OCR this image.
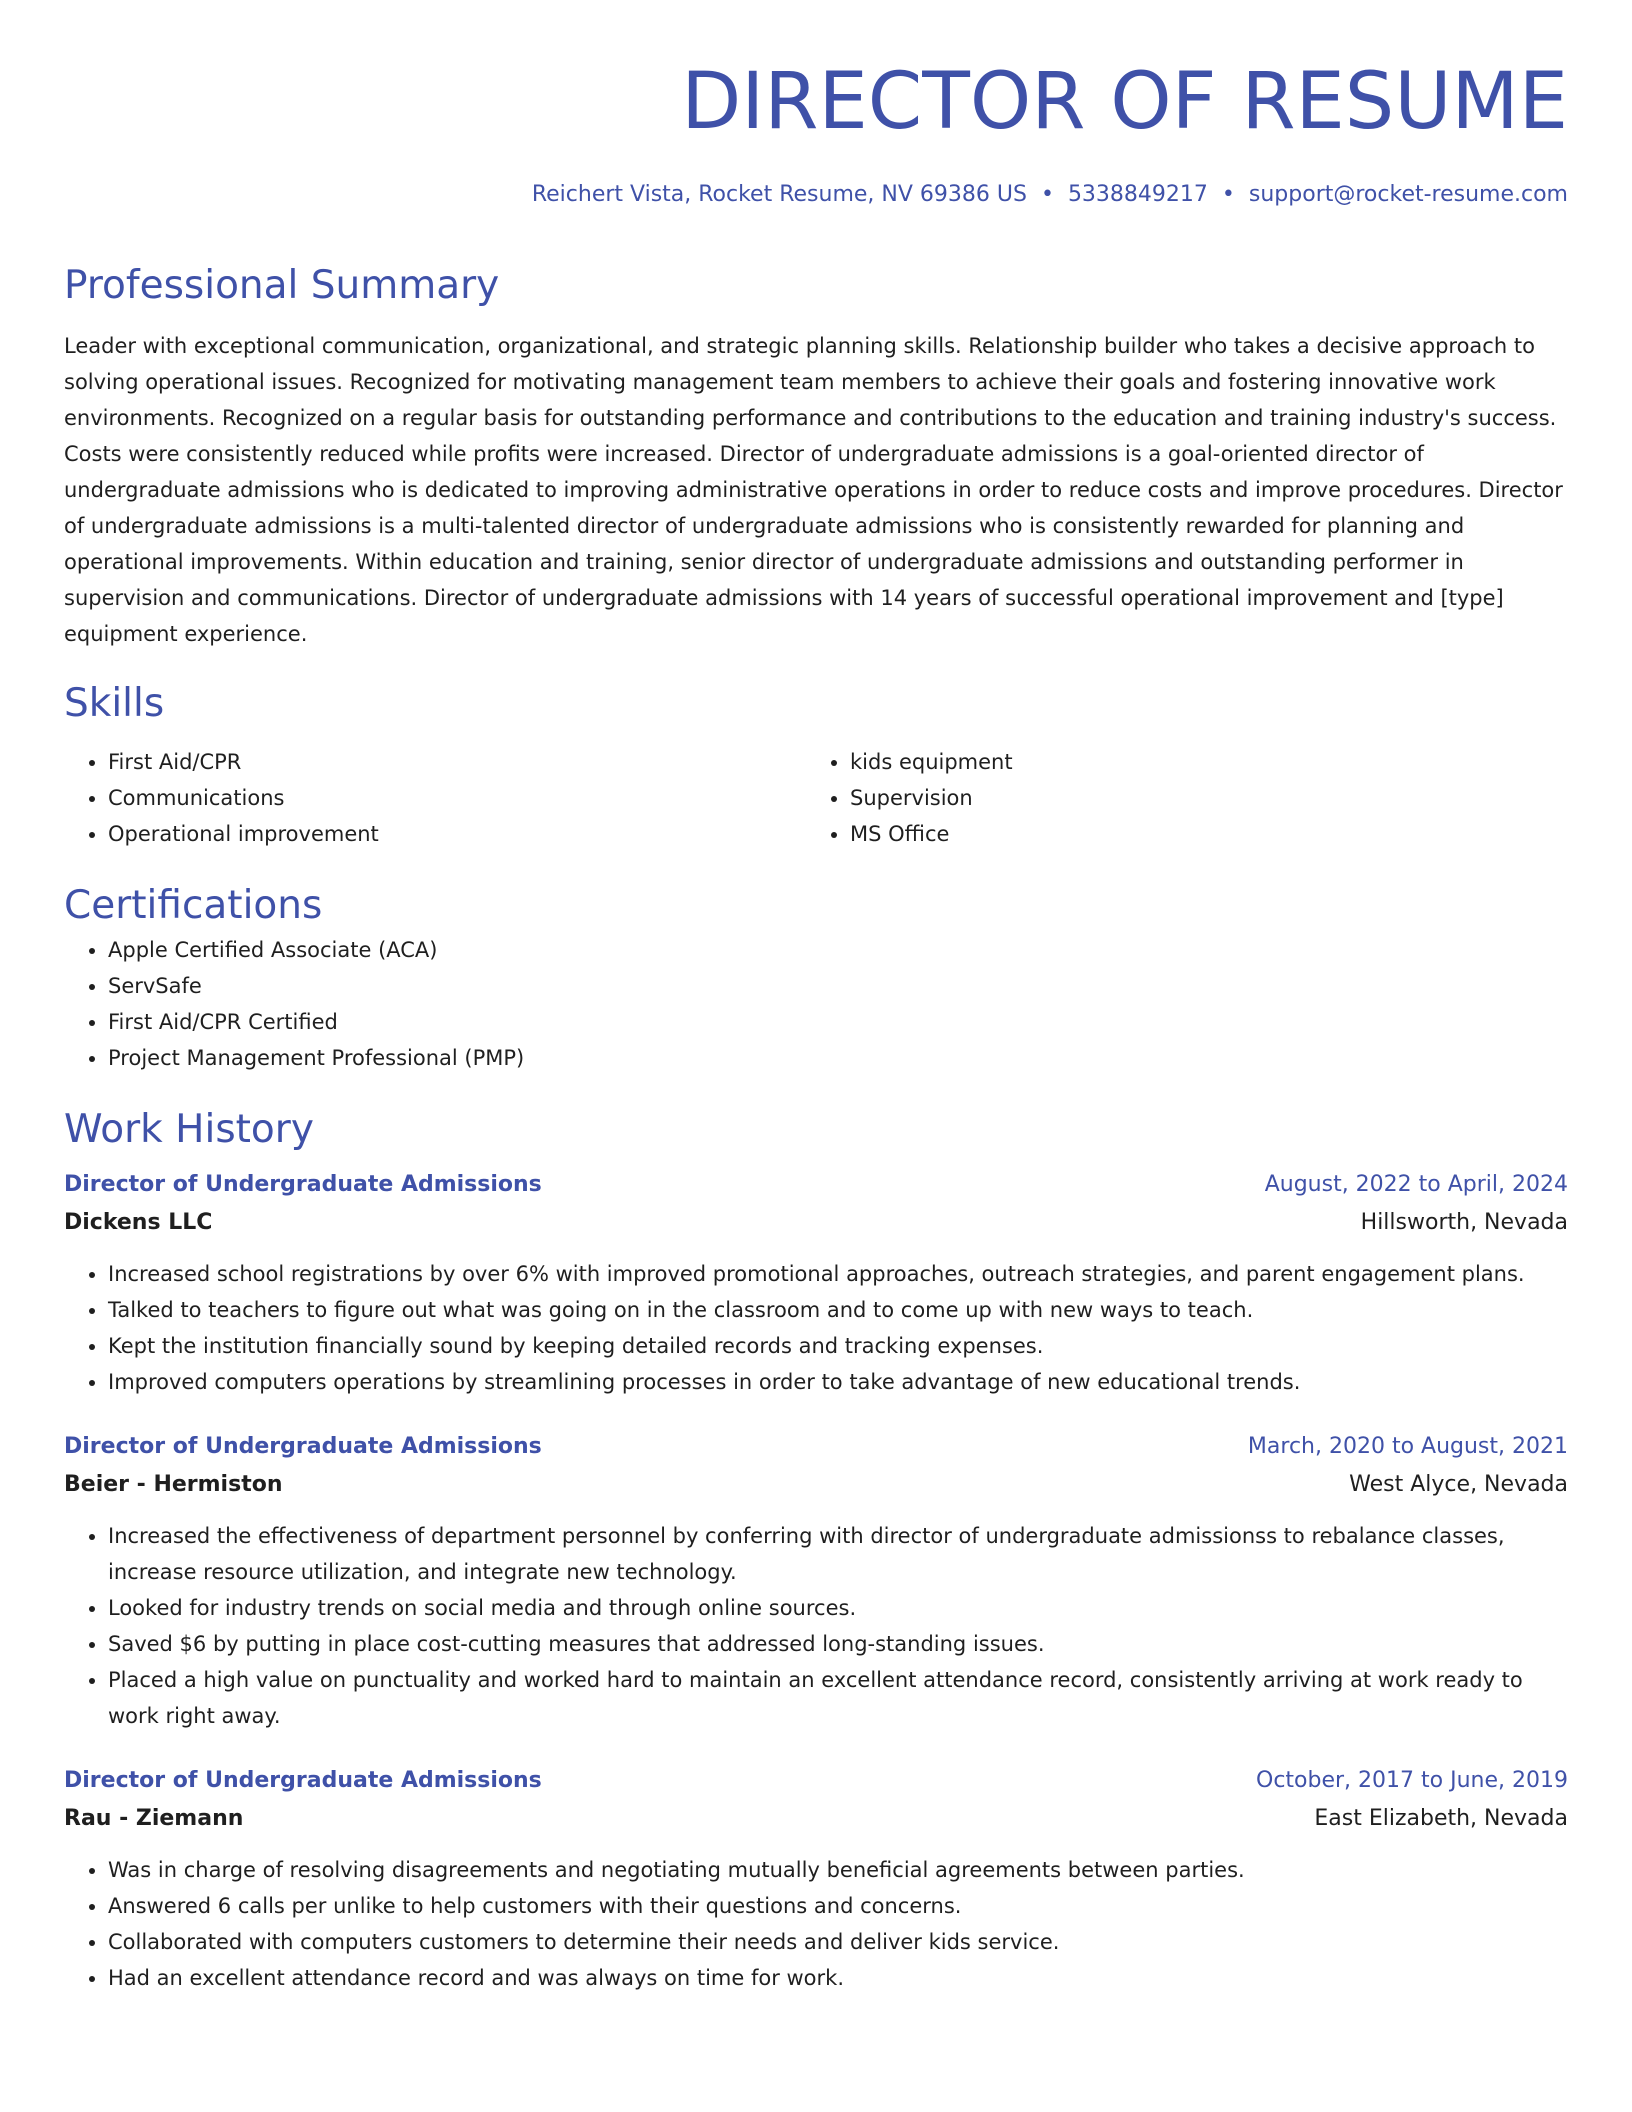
DIRECTOR OF RESUME
Reichert Vista, Rocket Resume, NV 69386 US • 5338849217 • support@rocket-resume.com
Professional Summary
Leader with exceptional communication, organizational, and strategic planning skills. Relationship builder who takes a decisive approach to solving operational issues. Recognized for motivating management team members to achieve their goals and fostering innovative work environments. Recognized on a regular basis for outstanding performance and contributions to the education and training industry's success. Costs were consistently reduced while profits were increased. Director of undergraduate admissions is a goal-oriented director of undergraduate admissions who is dedicated to improving administrative operations in order to reduce costs and improve procedures. Director of undergraduate admissions is a multi-talented director of undergraduate admissions who is consistently rewarded for planning and operational improvements. Within education and training, senior director of undergraduate admissions and outstanding performer in supervision and communications. Director of undergraduate admissions with 14 years of successful operational improvement and [type] equipment experience.
Skills
• First Aid/CPR
• Communications
• Operational improvement
• kids equipment
• Supervision
• MS Office
Certifications
• Apple Certified Associate (ACA)
• ServSafe
• First Aid/CPR Certified
• Project Management Professional (PMP)
Work History
Director of Undergraduate Admissions	August, 2022 to April, 2024
Dickens LLC	Hillsworth, Nevada
• Increased school registrations by over 6% with improved promotional approaches, outreach strategies, and parent engagement plans.
• Talked to teachers to figure out what was going on in the classroom and to come up with new ways to teach.
• Kept the institution financially sound by keeping detailed records and tracking expenses.
• Improved computers operations by streamlining processes in order to take advantage of new educational trends.
Director of Undergraduate Admissions	March, 2020 to August, 2021
Beier - Hermiston	West Alyce, Nevada
• Increased the effectiveness of department personnel by conferring with director of undergraduate admissionss to rebalance classes, increase resource utilization, and integrate new technology.
• Looked for industry trends on social media and through online sources.
• Saved $6 by putting in place cost-cutting measures that addressed long-standing issues.
• Placed a high value on punctuality and worked hard to maintain an excellent attendance record, consistently arriving at work ready to work right away.
Director of Undergraduate Admissions	October, 2017 to June, 2019
Rau - Ziemann	East Elizabeth, Nevada
• Was in charge of resolving disagreements and negotiating mutually beneficial agreements between parties.
• Answered 6 calls per unlike to help customers with their questions and concerns.
• Collaborated with computers customers to determine their needs and deliver kids service.
• Had an excellent attendance record and was always on time for work.
